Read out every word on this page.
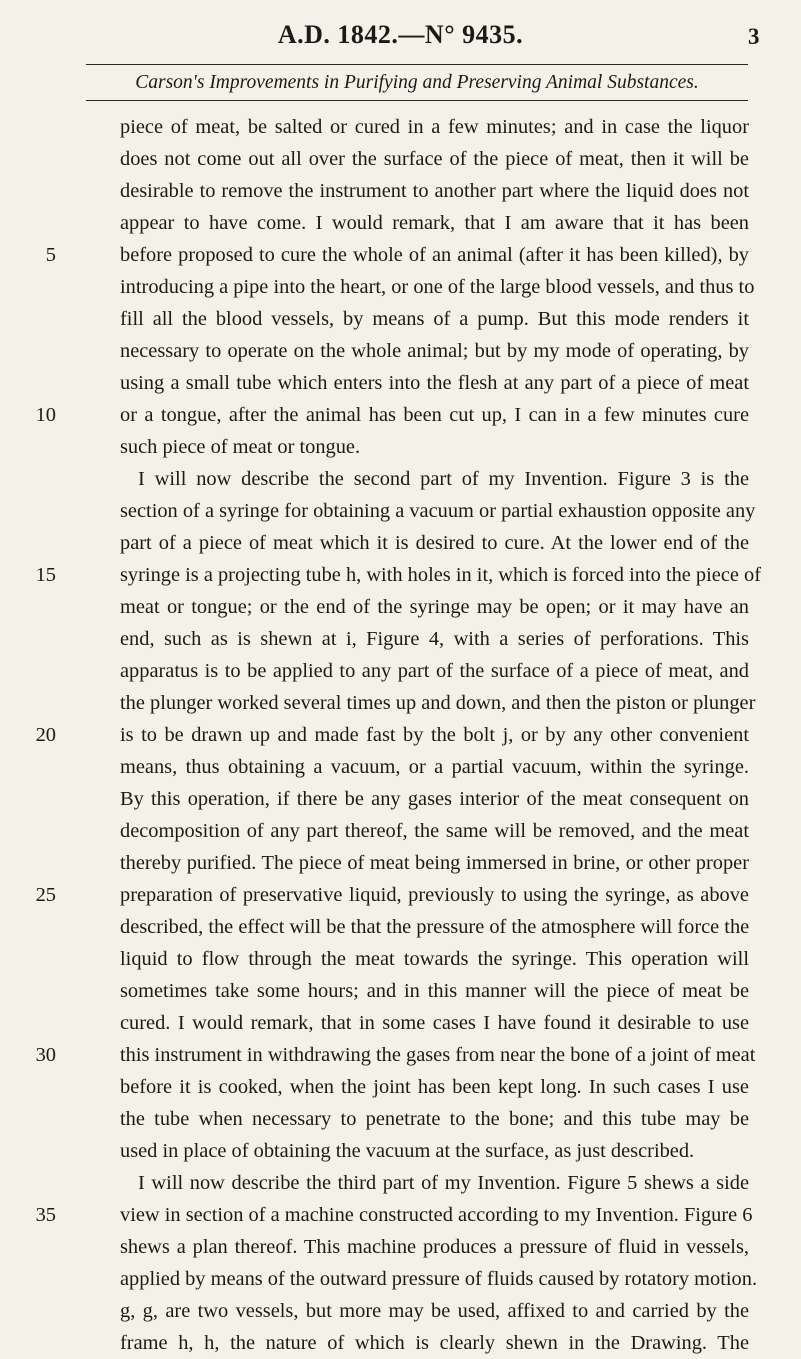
A.D. 1842.—N° 9435.	3
Carson's Improvements in Purifying and Preserving Animal Substances.
piece of meat, be salted or cured in a few minutes; and in case the liquor
does not come out all over the surface of the piece of meat, then it will be
desirable to remove the instrument to another part where the liquid does not
appear to have come. I would remark, that I am aware that it has been
before proposed to cure the whole of an animal (after it has been killed), by
5
introducing a pipe into the heart, or one of the large blood vessels, and thus to
fill all the blood vessels, by means of a pump. But this mode renders it
necessary to operate on the whole animal; but by my mode of operating, by
using a small tube which enters into the flesh at any part of a piece of meat
or a tongue, after the animal has been cut up, I can in a few minutes cure
10
such piece of meat or tongue.
I will now describe the second part of my Invention. Figure 3 is the
section of a syringe for obtaining a vacuum or partial exhaustion opposite any
part of a piece of meat which it is desired to cure. At the lower end of the
syringe is a projecting tube h, with holes in it, which is forced into the piece of
15
meat or tongue; or the end of the syringe may be open; or it may have an
end, such as is shewn at i, Figure 4, with a series of perforations. This
apparatus is to be applied to any part of the surface of a piece of meat, and
the plunger worked several times up and down, and then the piston or plunger
is to be drawn up and made fast by the bolt j, or by any other convenient
20
means, thus obtaining a vacuum, or a partial vacuum, within the syringe.
By this operation, if there be any gases interior of the meat consequent on
decomposition of any part thereof, the same will be removed, and the meat
thereby purified. The piece of meat being immersed in brine, or other proper
preparation of preservative liquid, previously to using the syringe, as above
25
described, the effect will be that the pressure of the atmosphere will force the
liquid to flow through the meat towards the syringe. This operation will
sometimes take some hours; and in this manner will the piece of meat be
cured. I would remark, that in some cases I have found it desirable to use
this instrument in withdrawing the gases from near the bone of a joint of meat
30
before it is cooked, when the joint has been kept long. In such cases I use
the tube when necessary to penetrate to the bone; and this tube may be
used in place of obtaining the vacuum at the surface, as just described.
I will now describe the third part of my Invention. Figure 5 shews a side
view in section of a machine constructed according to my Invention. Figure 6
35
shews a plan thereof. This machine produces a pressure of fluid in vessels,
applied by means of the outward pressure of fluids caused by rotatory motion.
g, g, are two vessels, but more may be used, affixed to and carried by the
frame h, h, the nature of which is clearly shewn in the Drawing. The
